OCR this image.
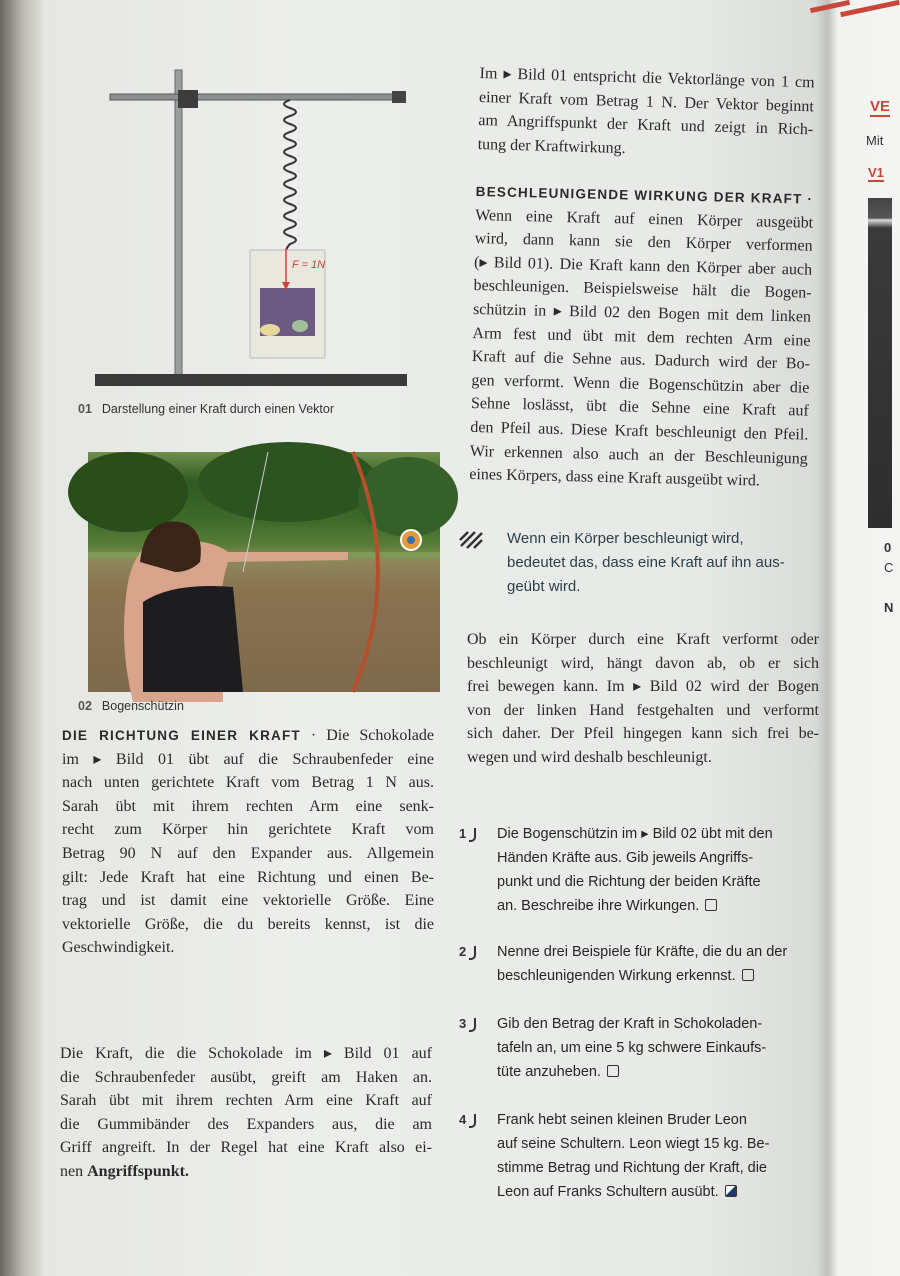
F = 1N
01 Darstellung einer Kraft durch einen Vektor
02 Bogenschützin
DIE RICHTUNG EINER KRAFT · Die Schokolade
im ▸ Bild 01 übt auf die Schraubenfeder eine
nach unten gerichtete Kraft vom Betrag 1 N aus.
Sarah übt mit ihrem rechten Arm eine senk-
recht zum Körper hin gerichtete Kraft vom
Betrag 90 N auf den Expander aus. Allgemein
gilt: Jede Kraft hat eine Richtung und einen Be-
trag und ist damit eine vektorielle Größe. Eine
vektorielle Größe, die du bereits kennst, ist die
Geschwindigkeit.
Die Kraft, die die Schokolade im ▸ Bild 01 auf
die Schraubenfeder ausübt, greift am Haken an.
Sarah übt mit ihrem rechten Arm eine Kraft auf
die Gummibänder des Expanders aus, die am
Griff angreift. In der Regel hat eine Kraft also ei-
nen Angriffspunkt.
Im ▸ Bild 01 entspricht die Vektorlänge von 1 cm
einer Kraft vom Betrag 1 N. Der Vektor beginnt
am Angriffspunkt der Kraft und zeigt in Rich-
tung der Kraftwirkung.
BESCHLEUNIGENDE WIRKUNG DER KRAFT ·
Wenn eine Kraft auf einen Körper ausgeübt
wird, dann kann sie den Körper verformen
(▸ Bild 01). Die Kraft kann den Körper aber auch
beschleunigen. Beispielsweise hält die Bogen-
schützin in ▸ Bild 02 den Bogen mit dem linken
Arm fest und übt mit dem rechten Arm eine
Kraft auf die Sehne aus. Dadurch wird der Bo-
gen verformt. Wenn die Bogenschützin aber die
Sehne loslässt, übt die Sehne eine Kraft auf
den Pfeil aus. Diese Kraft beschleunigt den Pfeil.
Wir erkennen also auch an der Beschleunigung
eines Körpers, dass eine Kraft ausgeübt wird.
Wenn ein Körper beschleunigt wird,
bedeutet das, dass eine Kraft auf ihn aus-
geübt wird.
Ob ein Körper durch eine Kraft verformt oder
beschleunigt wird, hängt davon ab, ob er sich
frei bewegen kann. Im ▸ Bild 02 wird der Bogen
von der linken Hand festgehalten und verformt
sich daher. Der Pfeil hingegen kann sich frei be-
wegen und wird deshalb beschleunigt.
1	Die Bogenschützin im ▸ Bild 02 übt mit den
Händen Kräfte aus. Gib jeweils Angriffs-
punkt und die Richtung der beiden Kräfte
an. Beschreibe ihre Wirkungen.
2	Nenne drei Beispiele für Kräfte, die du an der
beschleunigenden Wirkung erkennst.
3	Gib den Betrag der Kraft in Schokoladen-
tafeln an, um eine 5 kg schwere Einkaufs-
tüte anzuheben.
4	Frank hebt seinen kleinen Bruder Leon
auf seine Schultern. Leon wiegt 15 kg. Be-
stimme Betrag und Richtung der Kraft, die
Leon auf Franks Schultern ausübt.
VE
Mit
V1
0
C
N
